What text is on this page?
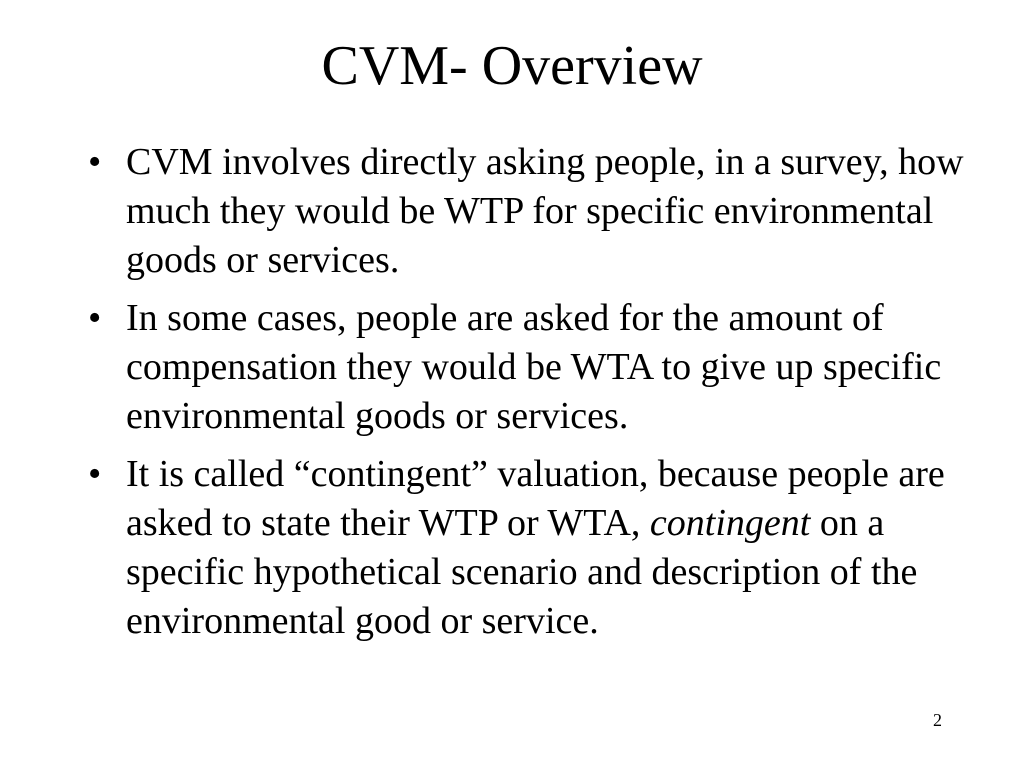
CVM- Overview
• CVM involves directly asking people, in a survey, how much they would be WTP for specific environmental goods or services.
• In some cases, people are asked for the amount of compensation they would be WTA to give up specific environmental goods or services.
• It is called “contingent” valuation, because people are asked to state their WTP or WTA, contingent on a specific hypothetical scenario and description of the environmental good or service.
2
